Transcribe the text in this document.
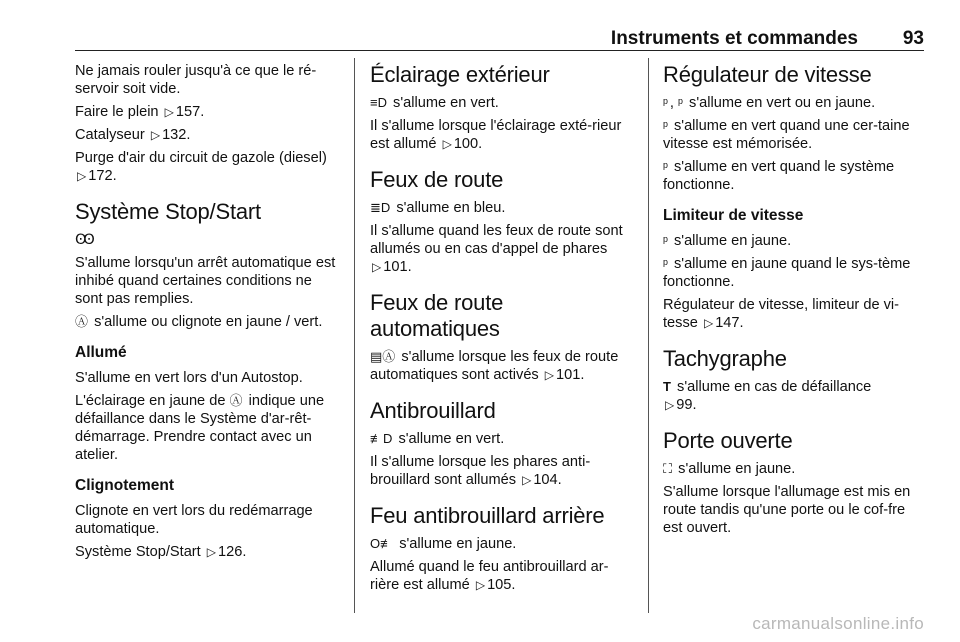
Instruments et commandes 93

Ne jamais rouler jusqu'à ce que le ré-servoir soit vide.

Faire le plein ▷ 157.

Catalyseur ▷ 132.

Purge d'air du circuit de gazole (diesel) ▷ 172.

Système Stop/Start

Ꙭ

S'allume lorsqu'un arrêt automatique est inhibé quand certaines conditions ne sont pas remplies.

Ⓐ s'allume ou clignote en jaune / vert.

Allumé

S'allume en vert lors d'un Autostop.

L'éclairage en jaune de Ⓐ indique une défaillance dans le Système d'ar-rêt-démarrage. Prendre contact avec un atelier.

Clignotement

Clignote en vert lors du redémarrage automatique.

Système Stop/Start ▷ 126.

Éclairage extérieur

≡D s'allume en vert.

Il s'allume lorsque l'éclairage exté-rieur est allumé ▷ 100.

Feux de route

≣D s'allume en bleu.

Il s'allume quand les feux de route sont allumés ou en cas d'appel de phares ▷ 101.

Feux de route automatiques

▤Ⓐ s'allume lorsque les feux de route automatiques sont activés ▷ 101.

Antibrouillard

≢D s'allume en vert.

Il s'allume lorsque les phares anti-brouillard sont allumés ▷ 104.

Feu antibrouillard arrière

O≢ s'allume en jaune.

Allumé quand le feu antibrouillard ar-rière est allumé ▷ 105.

Régulateur de vitesse

ᵖ , ᵖ s'allume en vert ou en jaune.

ᵖ s'allume en vert quand une cer-taine vitesse est mémorisée.

ᵖ s'allume en vert quand le système fonctionne.

Limiteur de vitesse

ᵖ s'allume en jaune.

ᵖ s'allume en jaune quand le sys-tème fonctionne.

Régulateur de vitesse, limiteur de vi-tesse ▷ 147.

Tachygraphe

T s'allume en cas de défaillance
▷ 99.

Porte ouverte

⛶ s'allume en jaune.

S'allume lorsque l'allumage est mis en route tandis qu'une porte ou le cof-fre est ouvert.

carmanualsonline.info
